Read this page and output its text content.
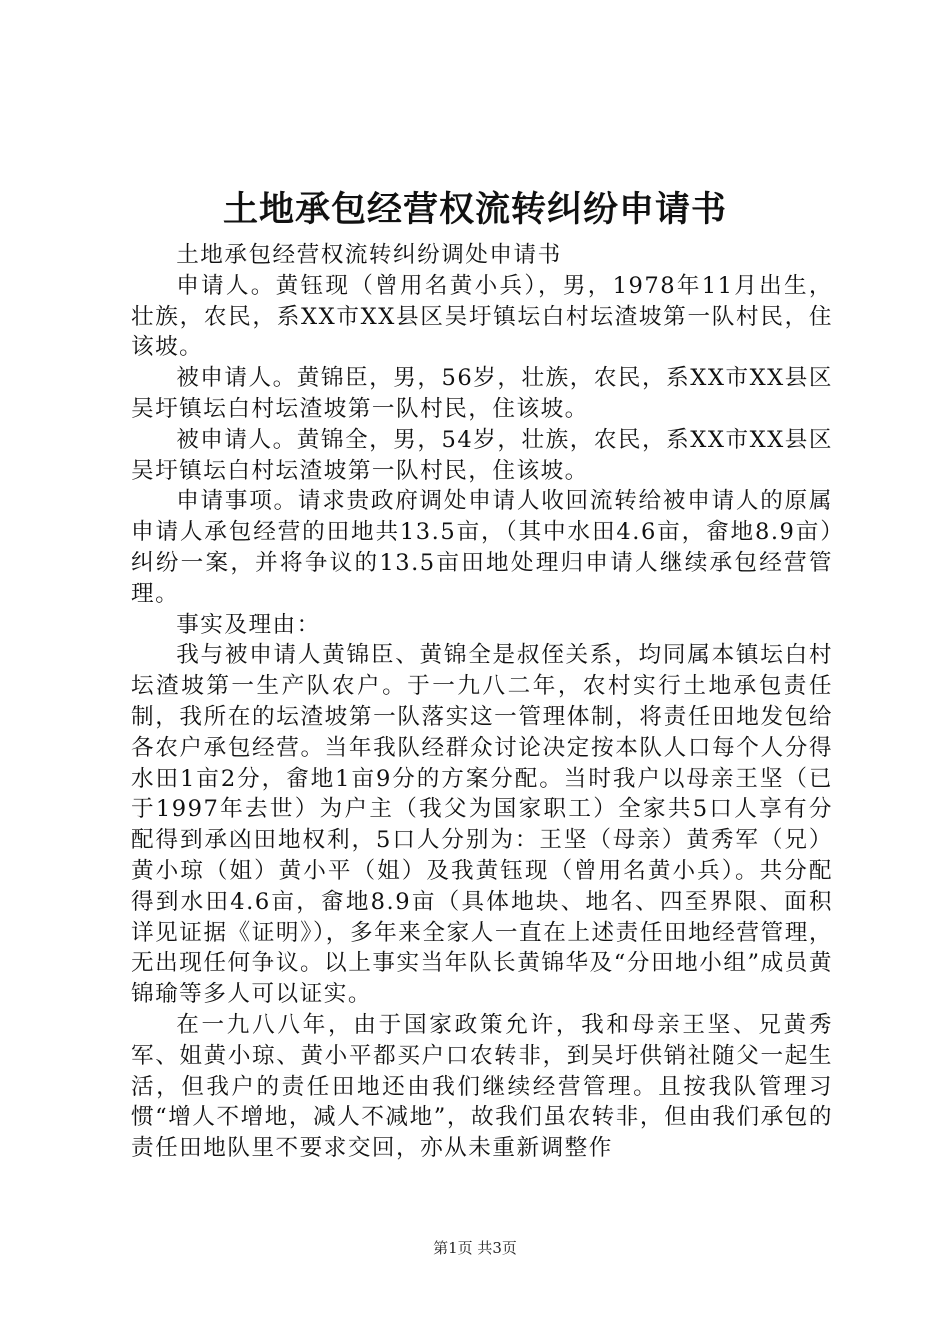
土地承包经营权流转纠纷申请书

土地承包经营权流转纠纷调处申请书

申请人。黄钰现（曾用名黄小兵），男，1978年11月出生，壮族，农民，系XX市XX县区吴圩镇坛白村坛渣坡第一队村民，住该坡。

被申请人。黄锦臣，男，56岁，壮族，农民，系XX市XX县区吴圩镇坛白村坛渣坡第一队村民，住该坡。

被申请人。黄锦全，男，54岁，壮族，农民，系XX市XX县区吴圩镇坛白村坛渣坡第一队村民，住该坡。

申请事项。请求贵政府调处申请人收回流转给被申请人的原属申请人承包经营的田地共13.5亩，（其中水田4.6亩，畲地8.9亩）纠纷一案，并将争议的13.5亩田地处理归申请人继续承包经营管理。

事实及理由：

我与被申请人黄锦臣、黄锦全是叔侄关系，均同属本镇坛白村坛渣坡第一生产队农户。于一九八二年，农村实行土地承包责任制，我所在的坛渣坡第一队落实这一管理体制，将责任田地发包给各农户承包经营。当年我队经群众讨论决定按本队人口每个人分得水田1亩2分，畲地1亩9分的方案分配。当时我户以母亲王坚（已于1997年去世）为户主（我父为国家职工）全家共5口人享有分配得到承凶田地权利，5口人分别为：王坚（母亲）黄秀军（兄）黄小琼（姐）黄小平（姐）及我黄钰现（曾用名黄小兵）。共分配得到水田4.6亩，畲地8.9亩（具体地块、地名、四至界限、面积详见证据《证明》），多年来全家人一直在上述责任田地经营管理，无出现任何争议。以上事实当年队长黄锦华及“分田地小组”成员黄锦瑜等多人可以证实。

在一九八八年，由于国家政策允许，我和母亲王坚、兄黄秀军、姐黄小琼、黄小平都买户口农转非，到吴圩供销社随父一起生活，但我户的责任田地还由我们继续经营管理。且按我队管理习惯“增人不增地，减人不减地”，故我们虽农转非，但由我们承包的责任田地队里不要求交回，亦从未重新调整作

第1页 共3页
